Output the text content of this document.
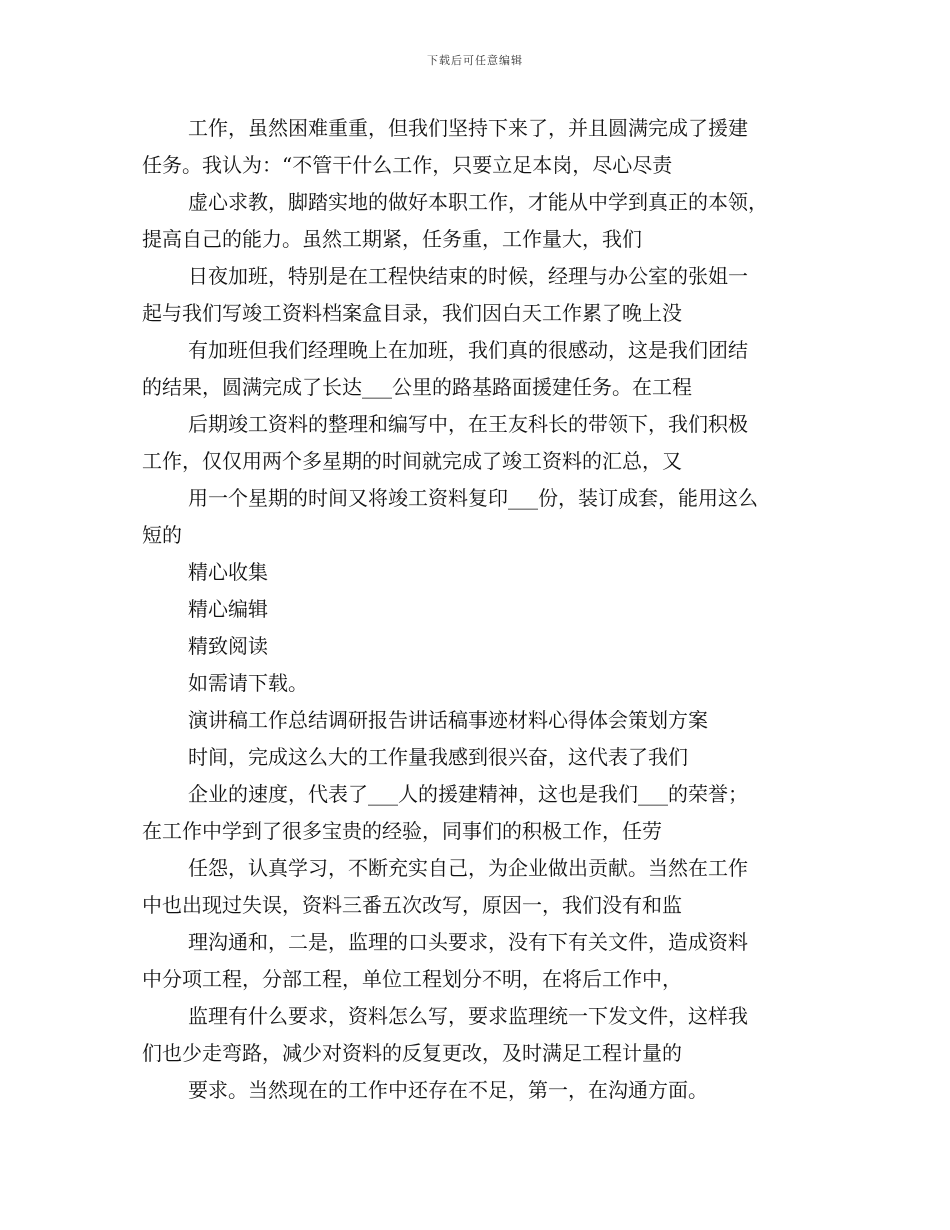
下载后可任意编辑

工作，虽然困难重重，但我们坚持下来了，并且圆满完成了援建
任务。我认为：“不管干什么工作，只要立足本岗，尽心尽责

虚心求教，脚踏实地的做好本职工作，才能从中学到真正的本领，
提高自己的能力。虽然工期紧，任务重，工作量大，我们

日夜加班，特别是在工程快结束的时候，经理与办公室的张姐一
起与我们写竣工资料档案盒目录，我们因白天工作累了晚上没

有加班但我们经理晚上在加班，我们真的很感动，这是我们团结
的结果，圆满完成了长达___公里的路基路面援建任务。在工程

后期竣工资料的整理和编写中，在王友科长的带领下，我们积极
工作，仅仅用两个多星期的时间就完成了竣工资料的汇总，又

用一个星期的时间又将竣工资料复印___份，装订成套，能用这么
短的

精心收集

精心编辑

精致阅读

如需请下载。

演讲稿工作总结调研报告讲话稿事迹材料心得体会策划方案

时间，完成这么大的工作量我感到很兴奋，这代表了我们

企业的速度，代表了___人的援建精神，这也是我们___的荣誉；
在工作中学到了很多宝贵的经验，同事们的积极工作，任劳

任怨，认真学习，不断充实自己，为企业做出贡献。当然在工作
中也出现过失误，资料三番五次改写，原因一，我们没有和监

理沟通和，二是，监理的口头要求，没有下有关文件，造成资料
中分项工程，分部工程，单位工程划分不明，在将后工作中，

监理有什么要求，资料怎么写，要求监理统一下发文件，这样我
们也少走弯路，减少对资料的反复更改，及时满足工程计量的

要求。当然现在的工作中还存在不足，第一，在沟通方面。
